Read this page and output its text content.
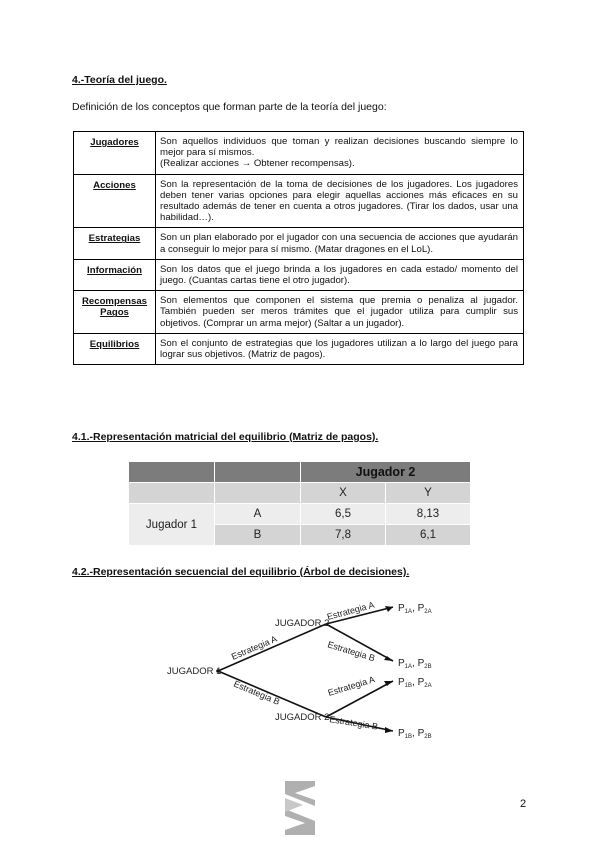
4.-Teoría del juego.
Definición de los conceptos que forman parte de la teoría del juego:
Jugadores	Son aquellos individuos que toman y realizan decisiones buscando siempre lo mejor para sí mismos.
(Realizar acciones → Obtener recompensas).

Acciones	Son la representación de la toma de decisiones de los jugadores. Los jugadores deben tener varias opciones para elegir aquellas acciones más eficaces en su resultado además de tener en cuenta a otros jugadores. (Tirar los dados, usar una habilidad…).

Estrategias	Son un plan elaborado por el jugador con una secuencia de acciones que ayudarán a conseguir lo mejor para sí mismo. (Matar dragones en el LoL).

Información	Son los datos que el juego brinda a los jugadores en cada estado/ momento del juego. (Cuantas cartas tiene el otro jugador).

Recompensas
Pagos	Son elementos que componen el sistema que premia o penaliza al jugador. También pueden ser meros trámites que el jugador utiliza para cumplir sus objetivos. (Comprar un arma mejor) (Saltar a un jugador).

Equilibrios	Son el conjunto de estrategias que los jugadores utilizan a lo largo del juego para lograr sus objetivos. (Matriz de pagos).
4.1.-Representación matricial del equilibrio (Matriz de pagos).
		Jugador 2	
		X	Y
Jugador 1	A	6,5	8,13
	B	7,8	6,1
4.2.-Representación secuencial del equilibrio (Árbol de decisiones).
JUGADOR 1
JUGADOR 2
JUGADOR 2
Estrategia A
Estrategia B
Estrategia A
Estrategia B
Estrategia A
Estrategia B
$P_{1A}$, $P_{2A}$
$P_{1A}$, $P_{2B}$
$P_{1B}$, $P_{2A}$
$P_{1B}$, $P_{2B}$
2
